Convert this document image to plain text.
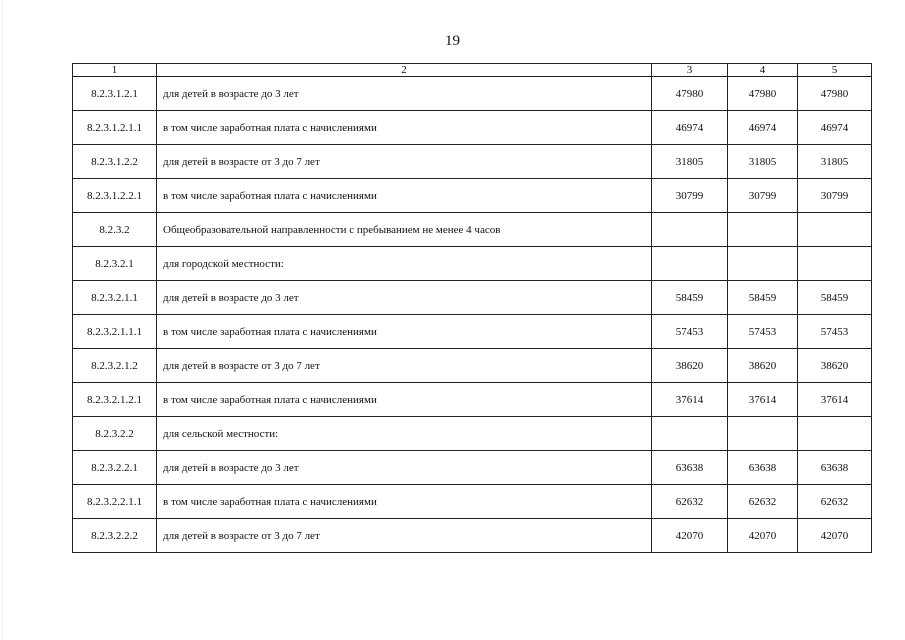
19
1	2	3	4	5
8.2.3.1.2.1	для детей в возрасте до 3 лет	47980	47980	47980
8.2.3.1.2.1.1	в том числе заработная плата с начислениями	46974	46974	46974
8.2.3.1.2.2	для детей в возрасте от 3 до 7 лет	31805	31805	31805
8.2.3.1.2.2.1	в том числе заработная плата с начислениями	30799	30799	30799
8.2.3.2	Общеобразовательной направленности с пребыванием не менее 4 часов			
8.2.3.2.1	для городской местности:			
8.2.3.2.1.1	для детей в возрасте до 3 лет	58459	58459	58459
8.2.3.2.1.1.1	в том числе заработная плата с начислениями	57453	57453	57453
8.2.3.2.1.2	для детей в возрасте от 3 до 7 лет	38620	38620	38620
8.2.3.2.1.2.1	в том числе заработная плата с начислениями	37614	37614	37614
8.2.3.2.2	для сельской местности:			
8.2.3.2.2.1	для детей в возрасте до 3 лет	63638	63638	63638
8.2.3.2.2.1.1	в том числе заработная плата с начислениями	62632	62632	62632
8.2.3.2.2.2	для детей в возрасте от 3 до 7 лет	42070	42070	42070
